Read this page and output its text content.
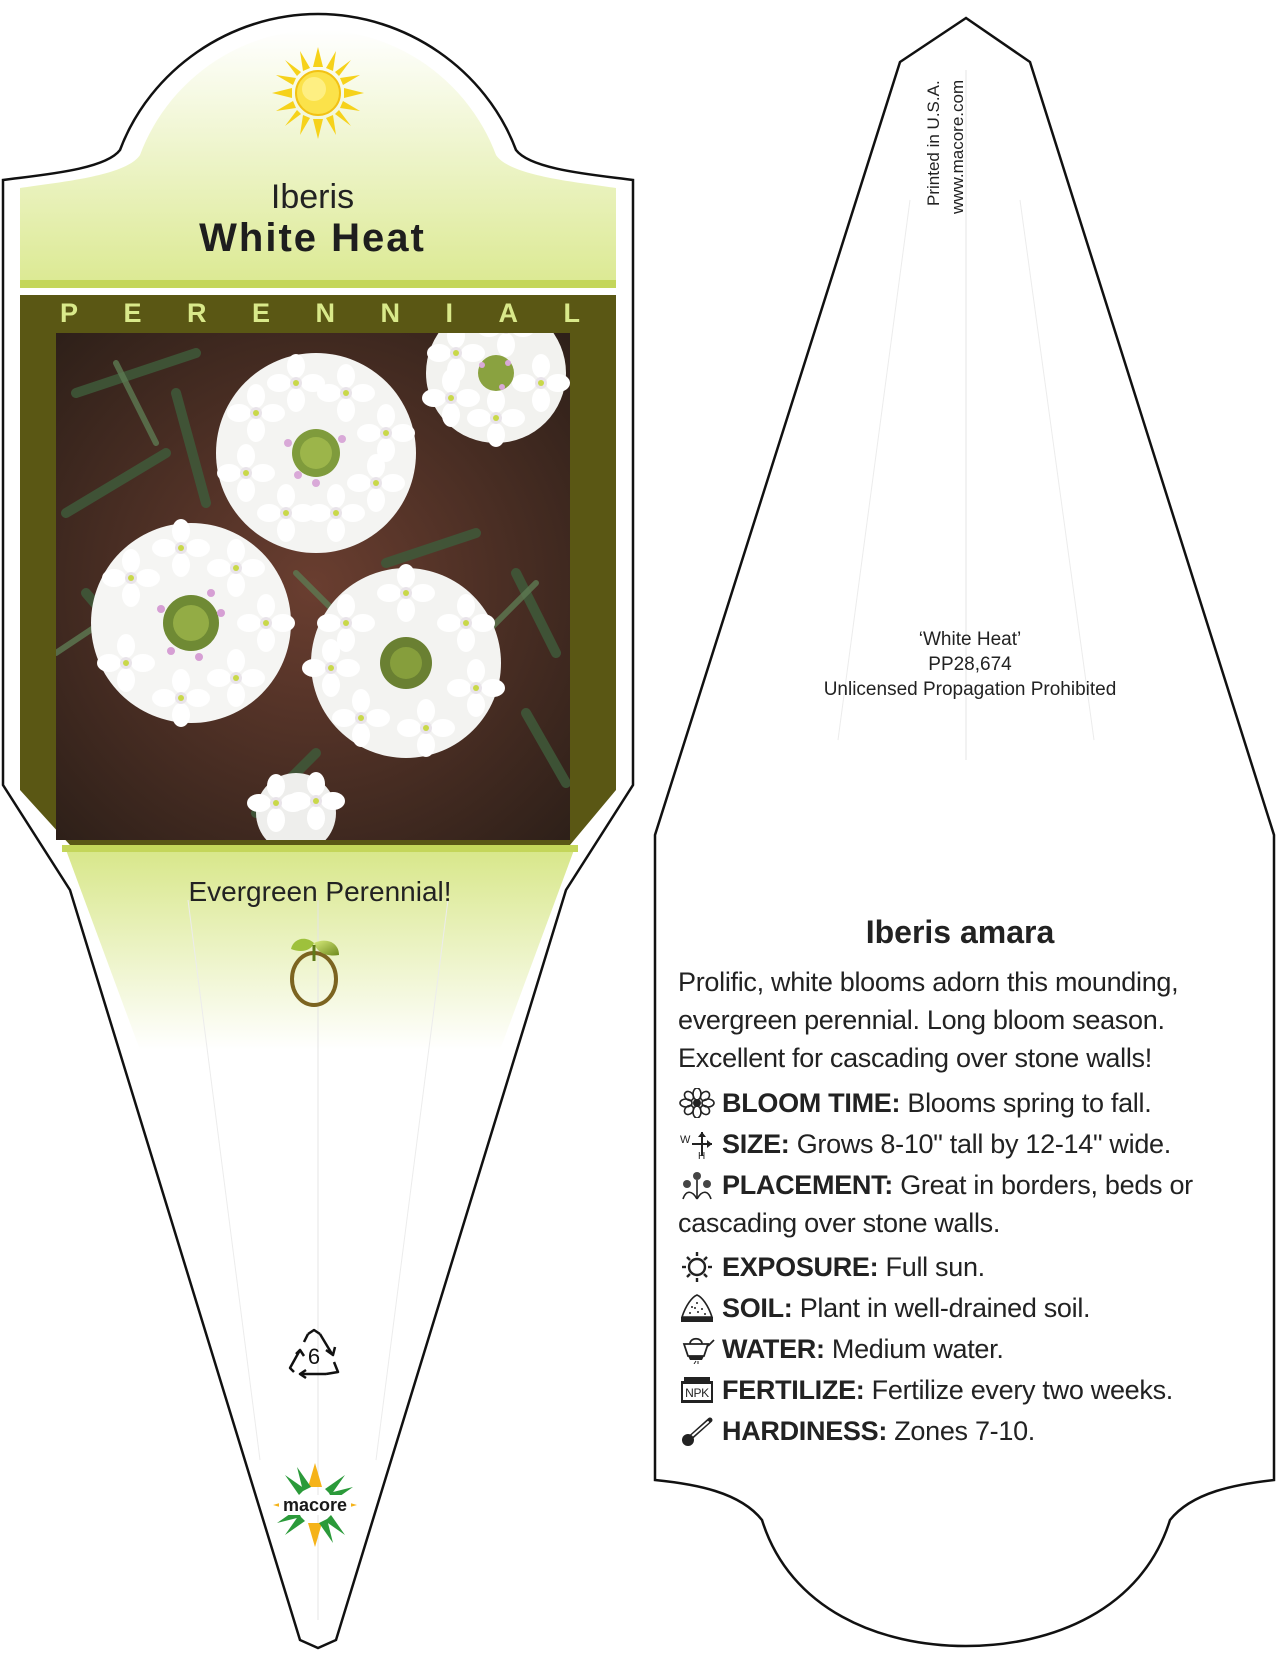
Iberis
White Heat
P E R E N N I A L
Evergreen Perennial!
6
macore
Printed in U.S.A. www.macore.com
‘White Heat’
PP28,674
Unlicensed Propagation Prohibited
Iberis amara
Prolific, white blooms adorn this mounding, evergreen perennial. Long bloom season. Excellent for cascading over stone walls!
BLOOM TIME: Blooms spring to fall.
W
H SIZE: Grows 8-10" tall by 12-14" wide.
PLACEMENT: Great in borders, beds or cascading over stone walls.
EXPOSURE: Full sun.
SOIL: Plant in well-drained soil.
WATER: Medium water.
NPK FERTILIZE: Fertilize every two weeks.
HARDINESS: Zones 7-10.
